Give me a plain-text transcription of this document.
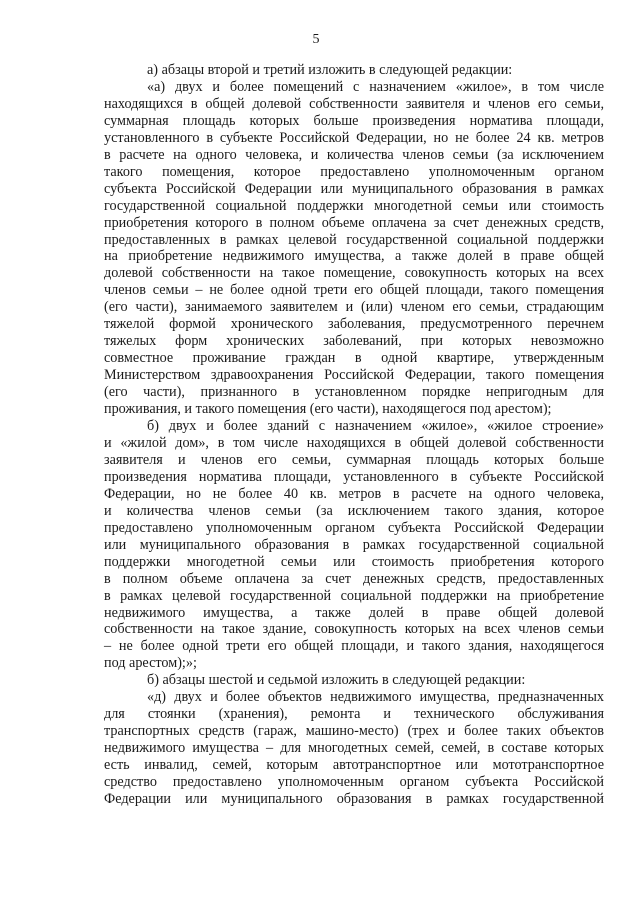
5
а) абзацы второй и третий изложить в следующей редакции:
«а) двух и более помещений с назначением «жилое», в том числе
находящихся в общей долевой собственности заявителя и членов его семьи,
суммарная площадь которых больше произведения норматива площади,
установленного в субъекте Российской Федерации, но не более 24 кв. метров
в расчете на одного человека, и количества членов семьи (за исключением
такого помещения, которое предоставлено уполномоченным органом
субъекта Российской Федерации или муниципального образования в рамках
государственной социальной поддержки многодетной семьи или стоимость
приобретения которого в полном объеме оплачена за счет денежных средств,
предоставленных в рамках целевой государственной социальной поддержки
на приобретение недвижимого имущества, а также долей в праве общей
долевой собственности на такое помещение, совокупность которых на всех
членов семьи – не более одной трети его общей площади, такого помещения
(его части), занимаемого заявителем и (или) членом его семьи, страдающим
тяжелой формой хронического заболевания, предусмотренного перечнем
тяжелых форм хронических заболеваний, при которых невозможно
совместное проживание граждан в одной квартире, утвержденным
Министерством здравоохранения Российской Федерации, такого помещения
(его части), признанного в установленном порядке непригодным для
проживания, и такого помещения (его части), находящегося под арестом);
б) двух и более зданий с назначением «жилое», «жилое строение»
и «жилой дом», в том числе находящихся в общей долевой собственности
заявителя и членов его семьи, суммарная площадь которых больше
произведения норматива площади, установленного в субъекте Российской
Федерации, но не более 40 кв. метров в расчете на одного человека,
и количества членов семьи (за исключением такого здания, которое
предоставлено уполномоченным органом субъекта Российской Федерации
или муниципального образования в рамках государственной социальной
поддержки многодетной семьи или стоимость приобретения которого
в полном объеме оплачена за счет денежных средств, предоставленных
в рамках целевой государственной социальной поддержки на приобретение
недвижимого имущества, а также долей в праве общей долевой
собственности на такое здание, совокупность которых на всех членов семьи
– не более одной трети его общей площади, и такого здания, находящегося
под арестом);»;
б) абзацы шестой и седьмой изложить в следующей редакции:
«д) двух и более объектов недвижимого имущества, предназначенных
для стоянки (хранения), ремонта и технического обслуживания
транспортных средств (гараж, машино-место) (трех и более таких объектов
недвижимого имущества – для многодетных семей, семей, в составе которых
есть инвалид, семей, которым автотранспортное или мототранспортное
средство предоставлено уполномоченным органом субъекта Российской
Федерации или муниципального образования в рамках государственной
